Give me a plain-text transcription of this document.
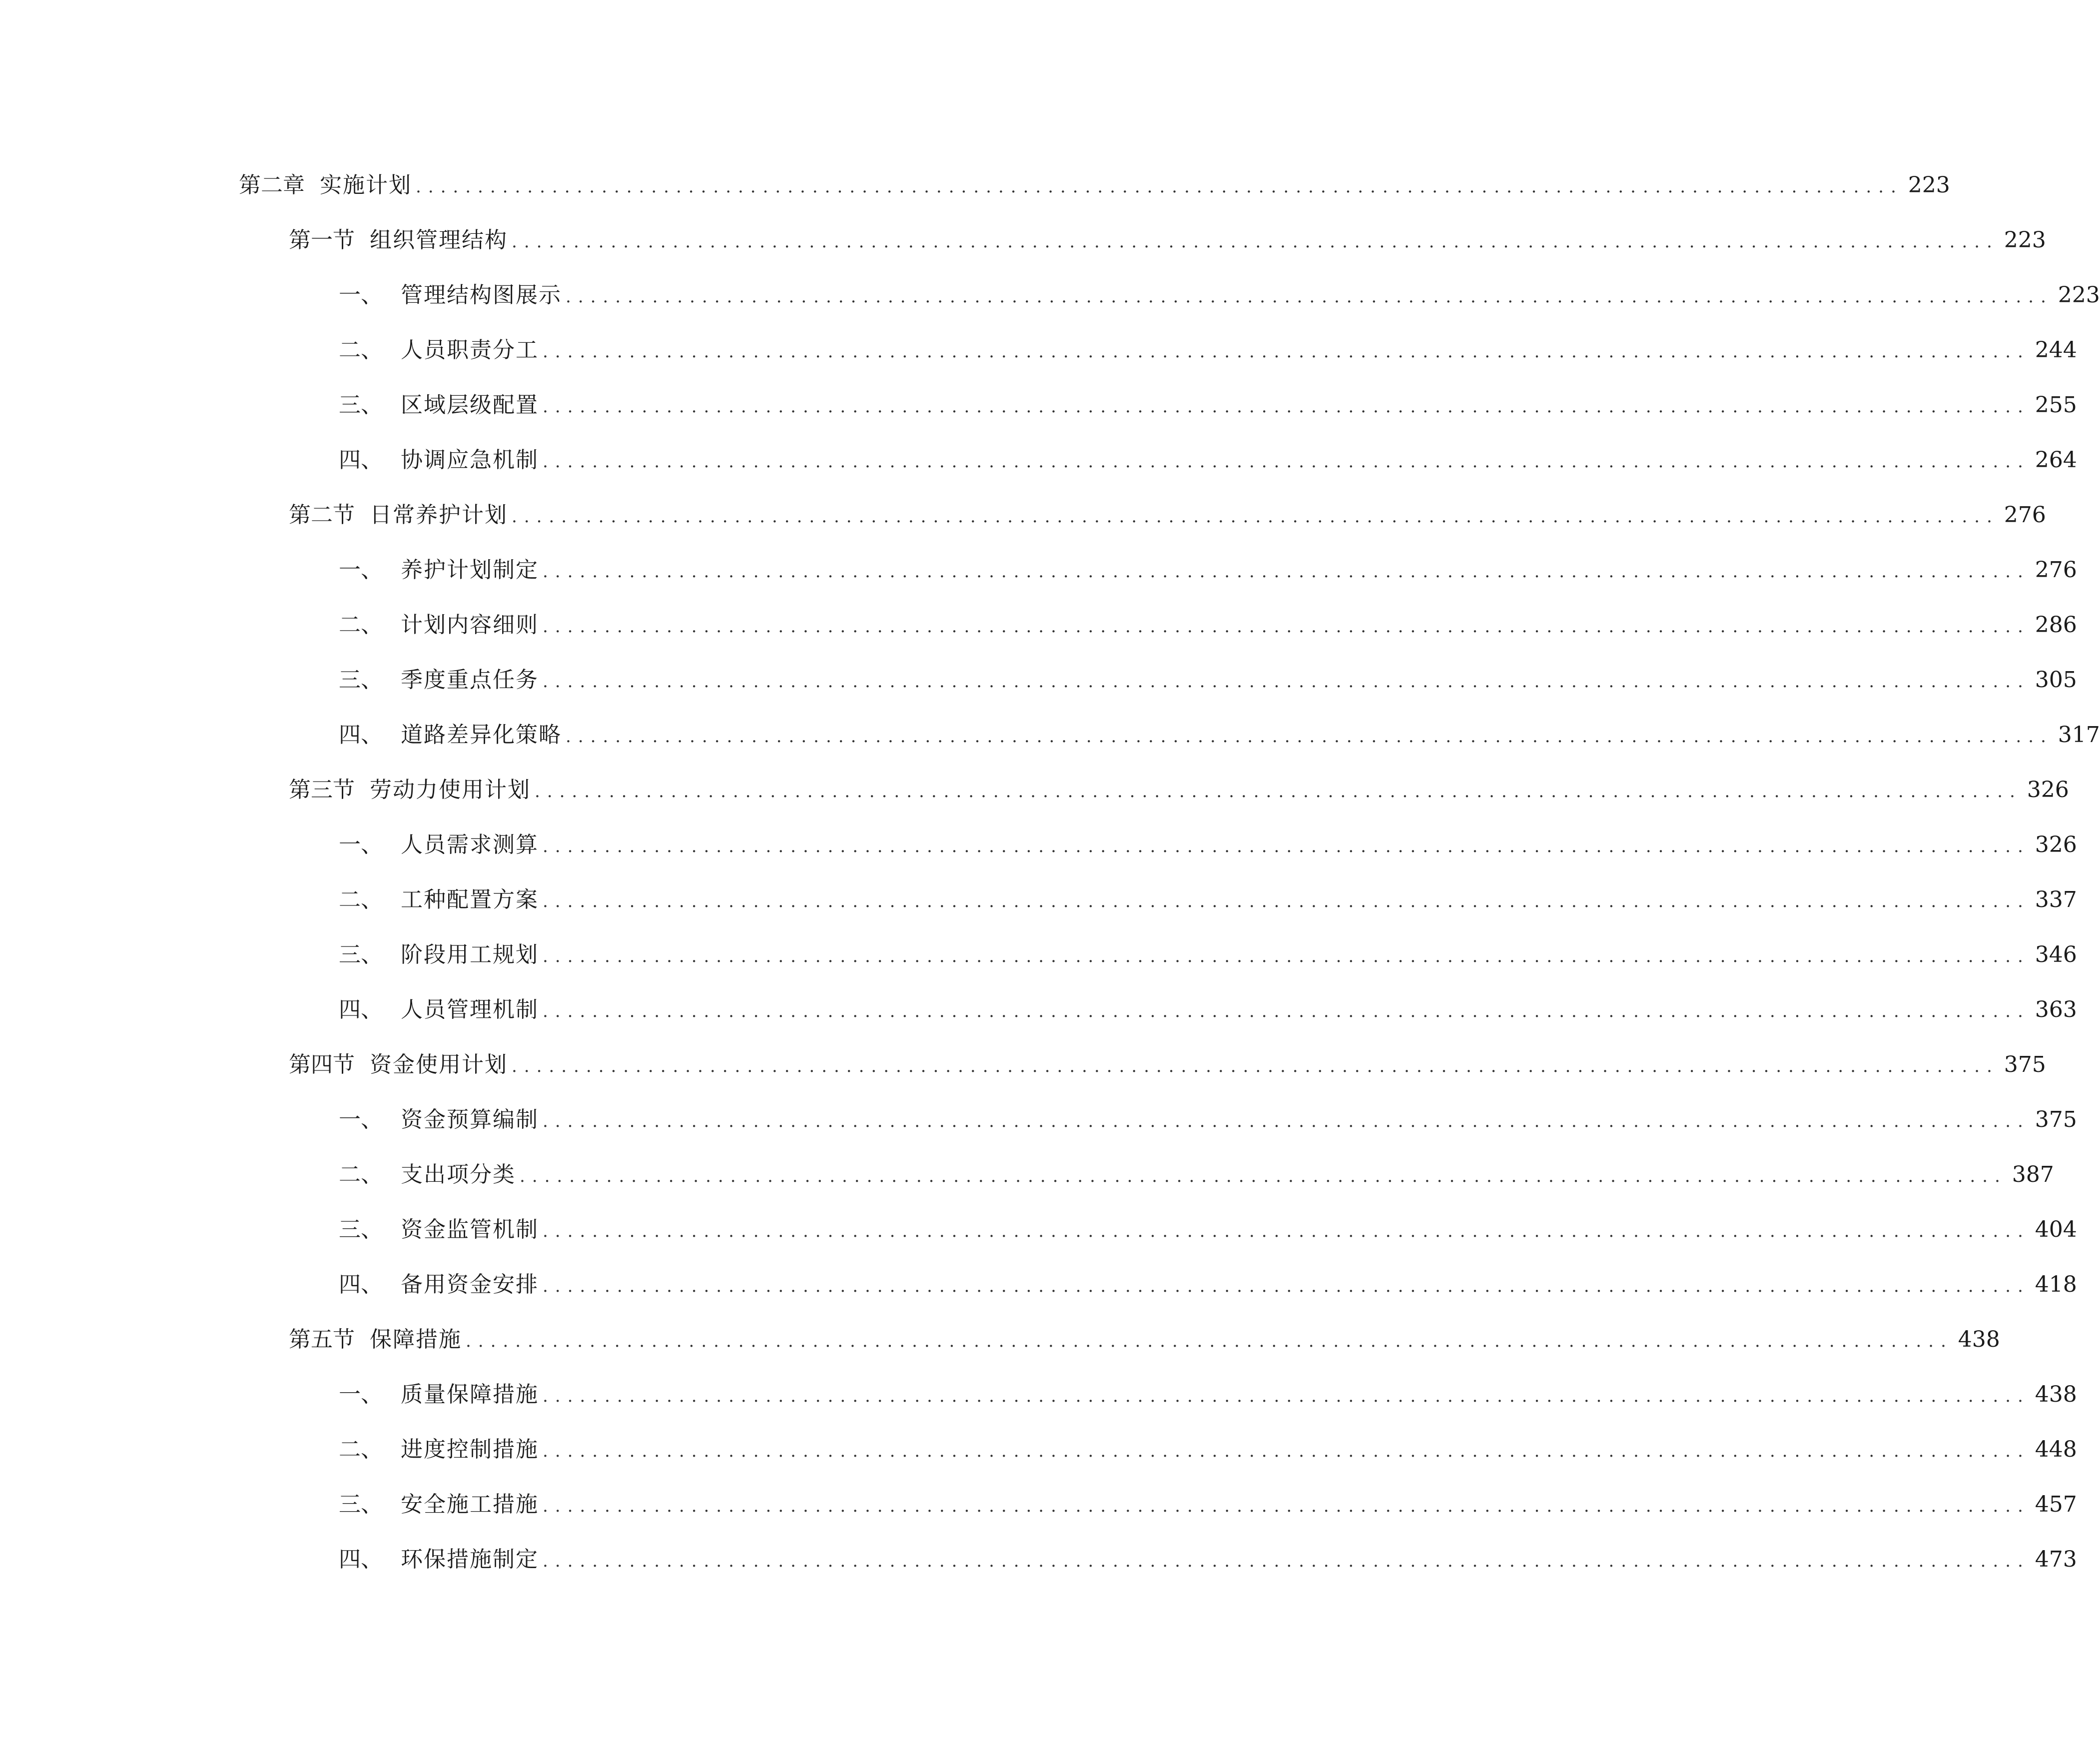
第二章 实施计划 ........................................................................................................................ 223
第一节 组织管理结构 ........................................................................................................................ 223
一、 管理结构图展示 ........................................................................................................................ 223
二、 人员职责分工 ........................................................................................................................ 244
三、 区域层级配置 ........................................................................................................................ 255
四、 协调应急机制 ........................................................................................................................ 264
第二节 日常养护计划 ........................................................................................................................ 276
一、 养护计划制定 ........................................................................................................................ 276
二、 计划内容细则 ........................................................................................................................ 286
三、 季度重点任务 ........................................................................................................................ 305
四、 道路差异化策略 ........................................................................................................................ 317
第三节 劳动力使用计划 ........................................................................................................................ 326
一、 人员需求测算 ........................................................................................................................ 326
二、 工种配置方案 ........................................................................................................................ 337
三、 阶段用工规划 ........................................................................................................................ 346
四、 人员管理机制 ........................................................................................................................ 363
第四节 资金使用计划 ........................................................................................................................ 375
一、 资金预算编制 ........................................................................................................................ 375
二、 支出项分类 ........................................................................................................................ 387
三、 资金监管机制 ........................................................................................................................ 404
四、 备用资金安排 ........................................................................................................................ 418
第五节 保障措施 ........................................................................................................................ 438
一、 质量保障措施 ........................................................................................................................ 438
二、 进度控制措施 ........................................................................................................................ 448
三、 安全施工措施 ........................................................................................................................ 457
四、 环保措施制定 ........................................................................................................................ 473
